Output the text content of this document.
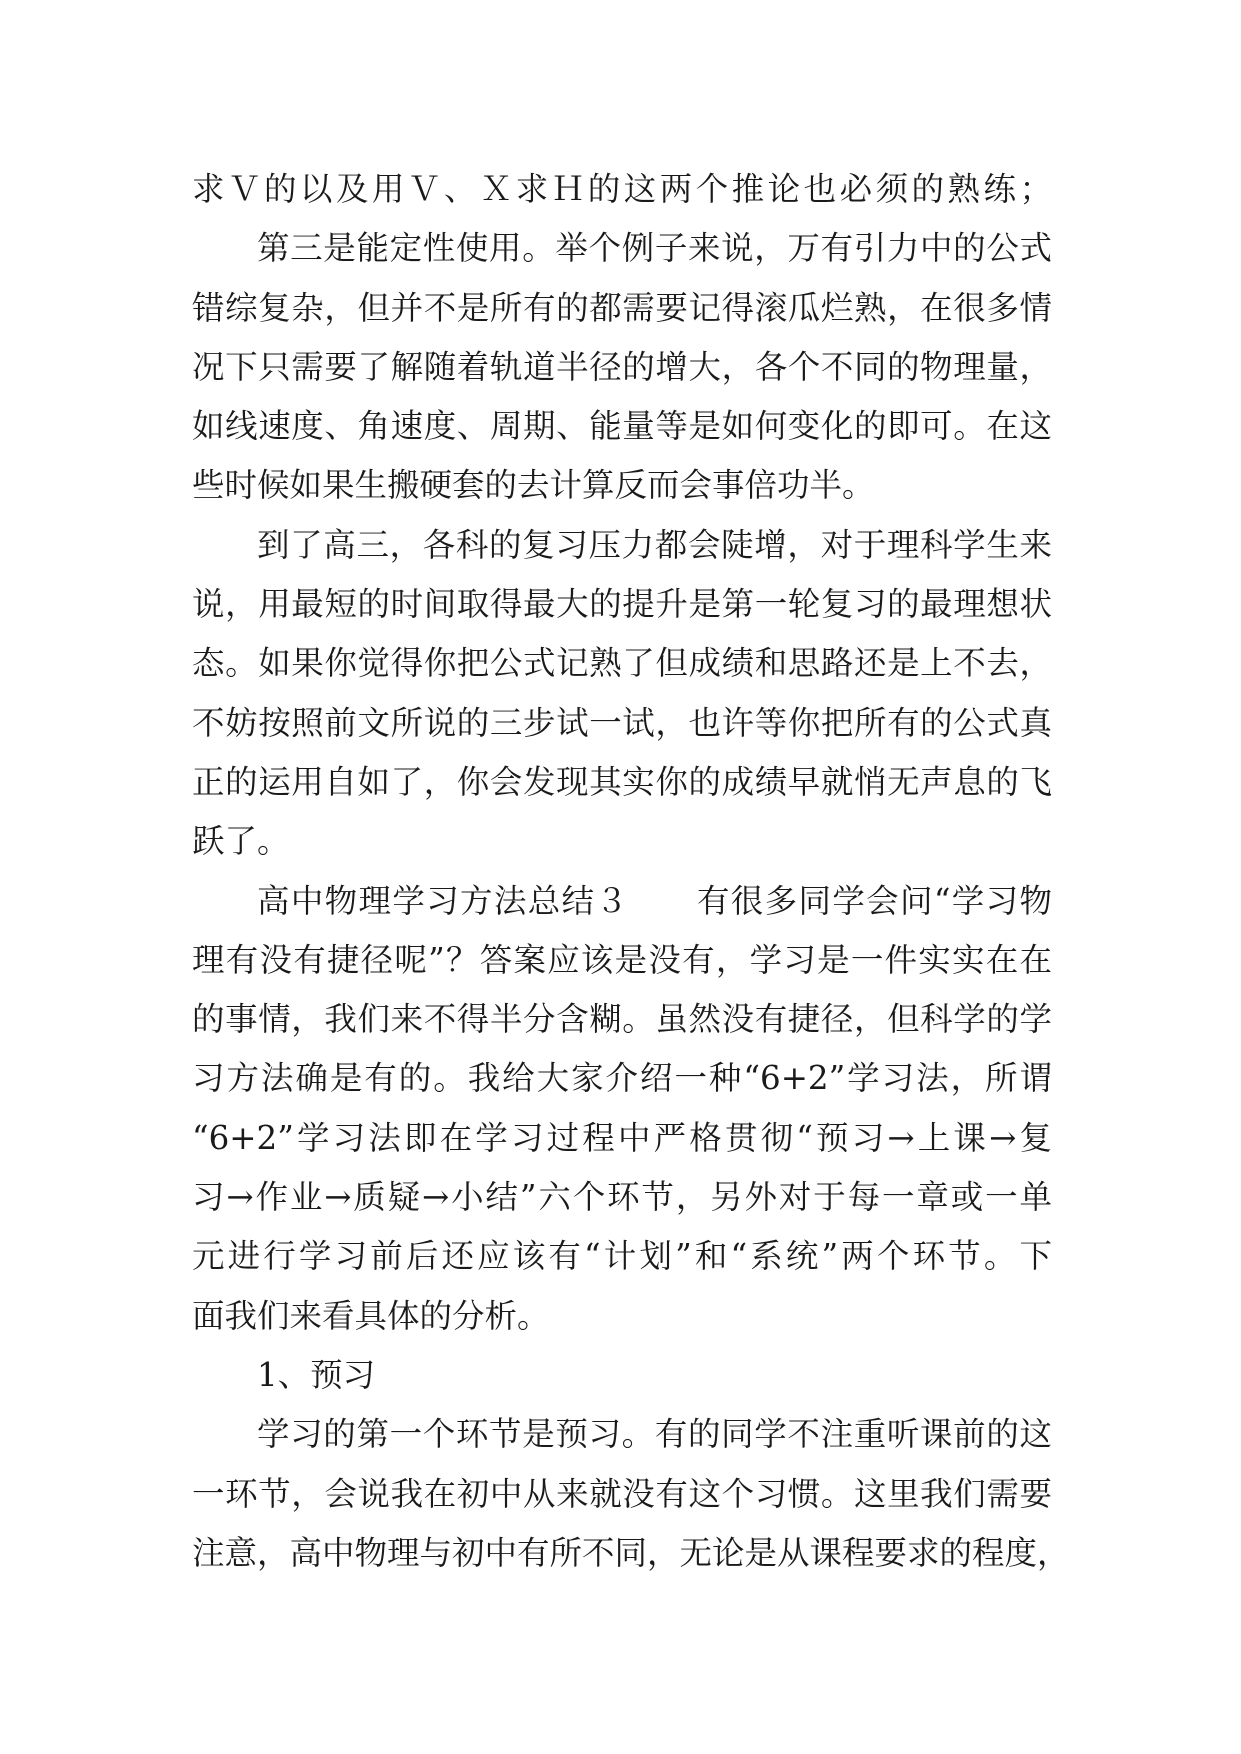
求Ｖ的以及用Ｖ、Ｘ求Ｈ的这两个推论也必须的熟练；
第三是能定性使用。举个例子来说，万有引力中的公式
错综复杂，但并不是所有的都需要记得滚瓜烂熟，在很多情
况下只需要了解随着轨道半径的增大，各个不同的物理量，
如线速度、角速度、周期、能量等是如何变化的即可。在这
些时候如果生搬硬套的去计算反而会事倍功半。
到了高三，各科的复习压力都会陡增，对于理科学生来
说，用最短的时间取得最大的提升是第一轮复习的最理想状
态。如果你觉得你把公式记熟了但成绩和思路还是上不去，
不妨按照前文所说的三步试一试，也许等你把所有的公式真
正的运用自如了，你会发现其实你的成绩早就悄无声息的飞
跃了。
高中物理学习方法总结３　　有很多同学会问“学习物
理有没有捷径呢”？答案应该是没有，学习是一件实实在在
的事情，我们来不得半分含糊。虽然没有捷径，但科学的学
习方法确是有的。我给大家介绍一种“6+2”学习法，所谓
“6+2”学习法即在学习过程中严格贯彻“预习→上课→复
习→作业→质疑→小结”六个环节，另外对于每一章或一单
元进行学习前后还应该有“计划”和“系统”两个环节。下
面我们来看具体的分析。
1、预习
学习的第一个环节是预习。有的同学不注重听课前的这
一环节，会说我在初中从来就没有这个习惯。这里我们需要
注意，高中物理与初中有所不同，无论是从课程要求的程度，
